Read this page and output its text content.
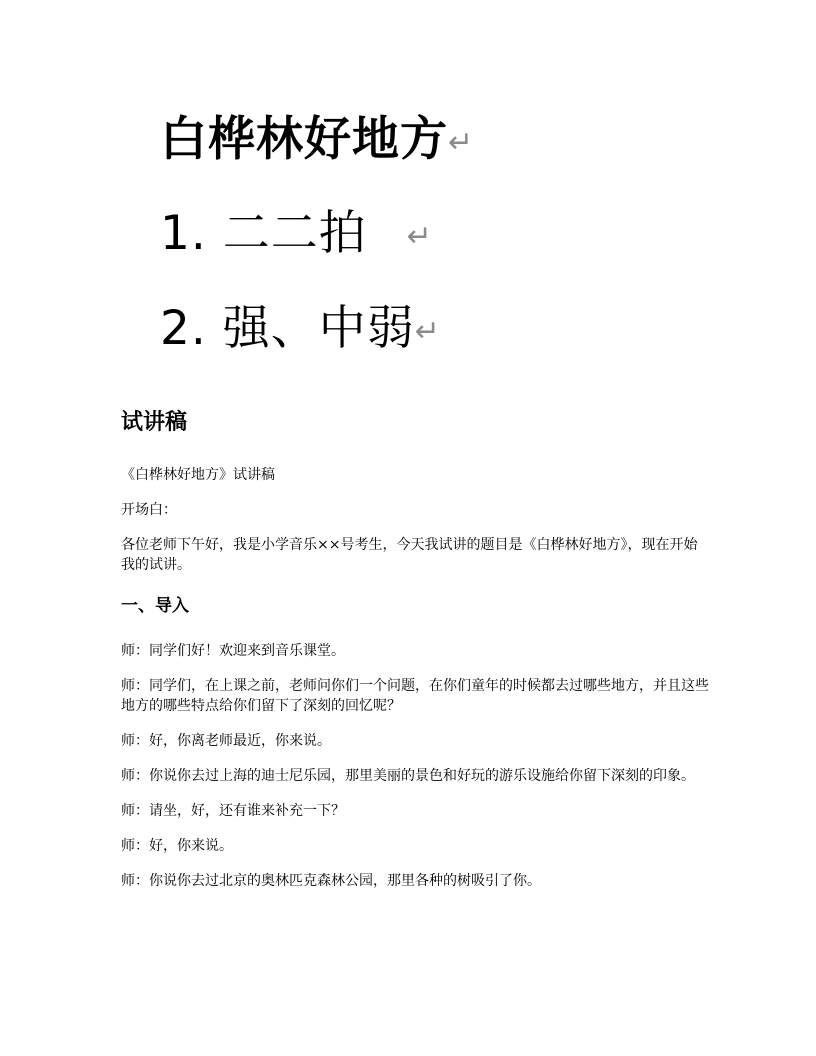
白桦林好地方↵
1. 二二拍 ↵
2. 强、中弱↵
试讲稿

《白桦林好地方》试讲稿

开场白：

各位老师下午好，我是小学音乐××号考生，今天我试讲的题目是《白桦林好地方》，现在开始我的试讲。

一、导入

师：同学们好！欢迎来到音乐课堂。

师：同学们，在上课之前，老师问你们一个问题，在你们童年的时候都去过哪些地方，并且这些地方的哪些特点给你们留下了深刻的回忆呢？

师：好，你离老师最近，你来说。

师：你说你去过上海的迪士尼乐园，那里美丽的景色和好玩的游乐设施给你留下深刻的印象。

师：请坐，好，还有谁来补充一下？

师：好，你来说。

师：你说你去过北京的奥林匹克森林公园，那里各种的树吸引了你。
